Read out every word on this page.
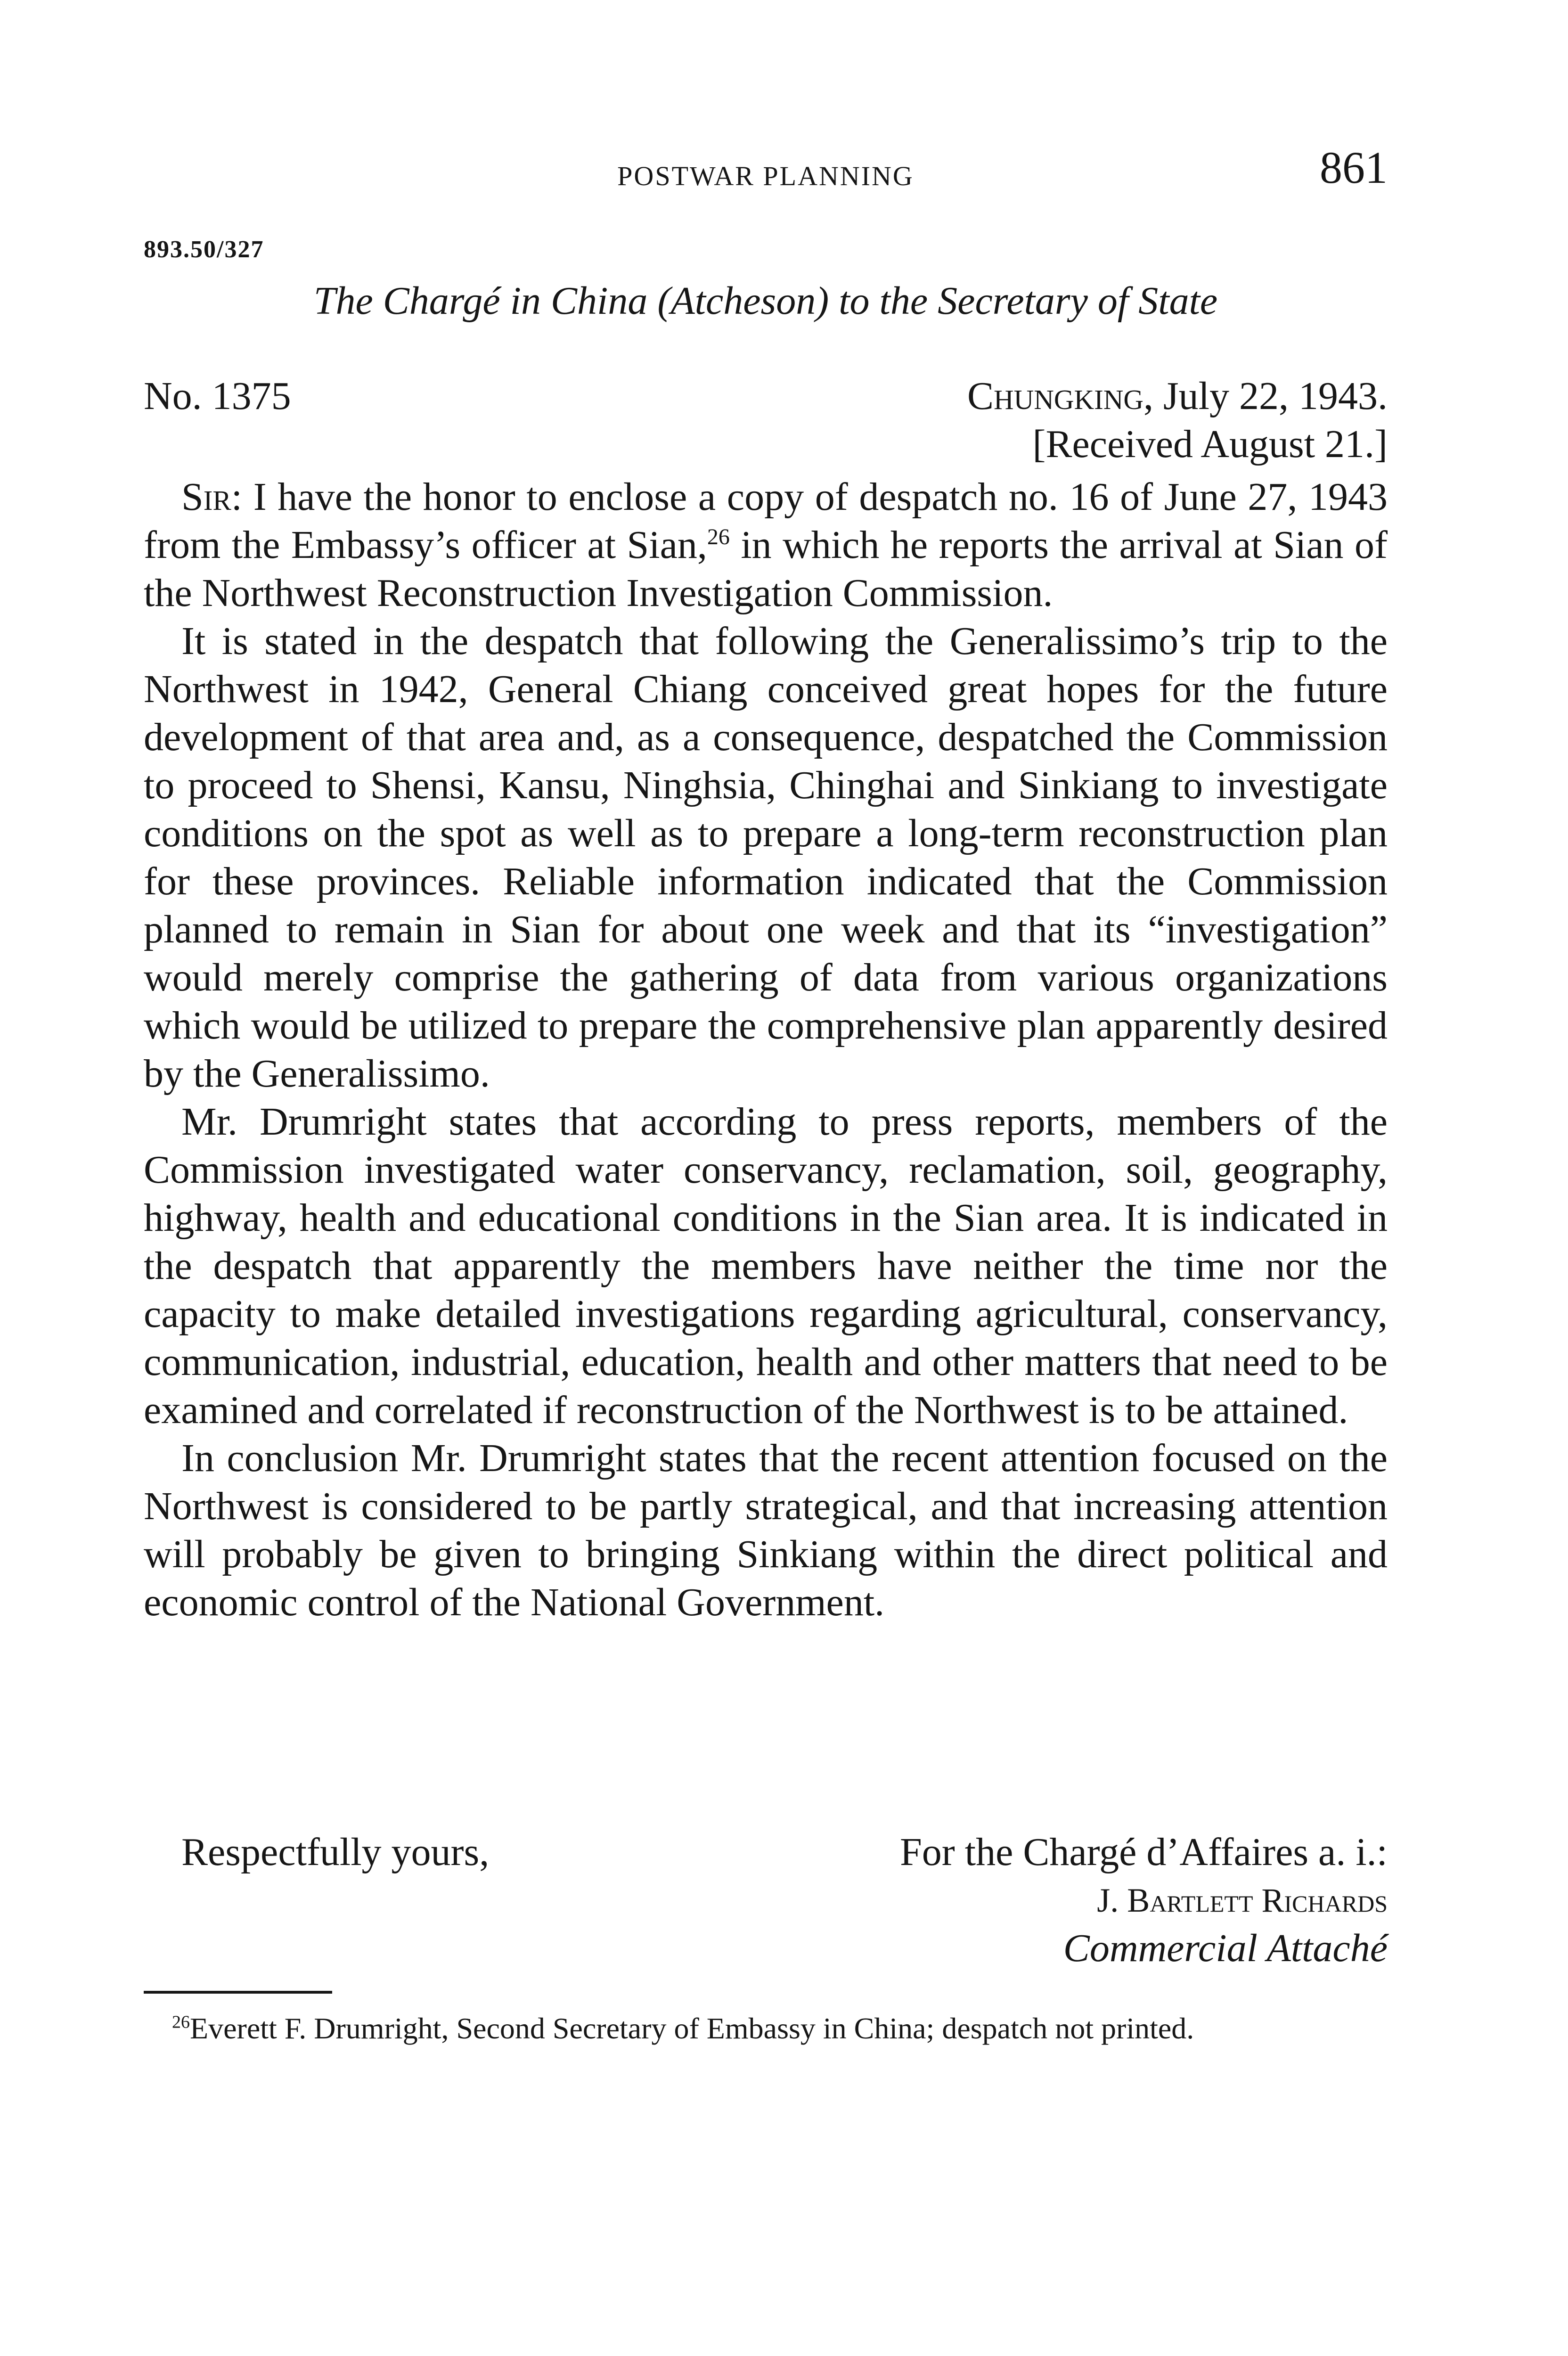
POSTWAR PLANNING	861
893.50/327
The Chargé in China (Atcheson) to the Secretary of State
No. 1375	Chungking, July 22, 1943.
[Received August 21.]

Sir: I have the honor to enclose a copy of despatch no. 16 of June 27, 1943 from the Embassy’s officer at Sian,$^{26}$ in which he reports the arrival at Sian of the Northwest Reconstruction Investigation Commission.

It is stated in the despatch that following the Generalissimo’s trip to the Northwest in 1942, General Chiang conceived great hopes for the future development of that area and, as a consequence, despatched the Commission to proceed to Shensi, Kansu, Ninghsia, Chinghai and Sinkiang to investigate conditions on the spot as well as to prepare a long-term reconstruction plan for these provinces. Reliable information indicated that the Commission planned to remain in Sian for about one week and that its “investigation” would merely comprise the gathering of data from various organizations which would be utilized to prepare the comprehensive plan apparently desired by the Generalissimo.

Mr. Drumright states that according to press reports, members of the Commission investigated water conservancy, reclamation, soil, geography, highway, health and educational conditions in the Sian area. It is indicated in the despatch that apparently the members have neither the time nor the capacity to make detailed investigations regarding agricultural, conservancy, communication, industrial, education, health and other matters that need to be examined and correlated if reconstruction of the Northwest is to be attained.

In conclusion Mr. Drumright states that the recent attention focused on the Northwest is considered to be partly strategical, and that increasing attention will probably be given to bringing Sinkiang within the direct political and economic control of the National Government.

Respectfully yours,	For the Chargé d’Affaires a. i.:
J. Bartlett Richards
Commercial Attaché
$^{26}$Everett F. Drumright, Second Secretary of Embassy in China; despatch not printed.
